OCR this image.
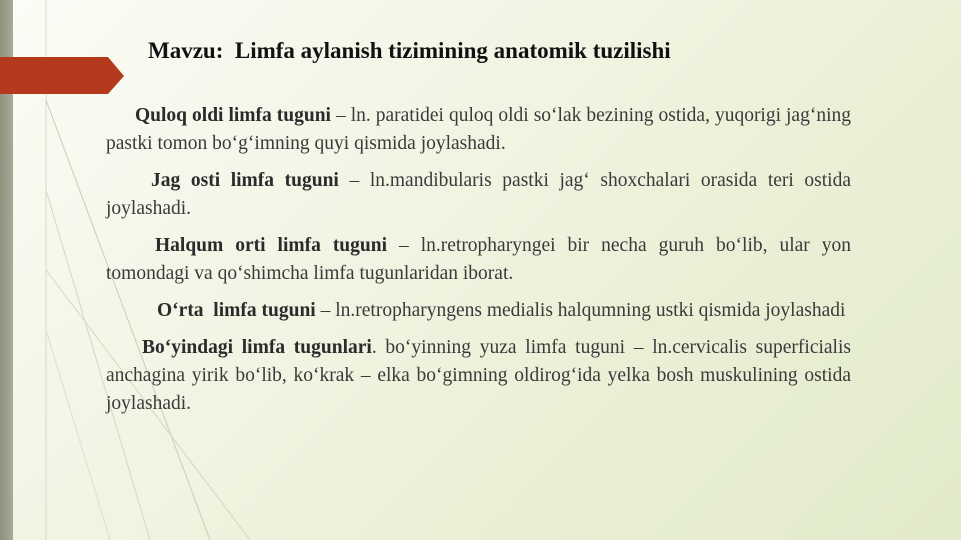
Mavzu:  Limfa aylanish tizimining anatomik tuzilishi

Quloq oldi limfa tuguni – ln. paratidei quloq oldi so‘lak bezining ostida, yuqorigi jag‘ning pastki tomon bo‘g‘imning quyi qismida joylashadi.

Jag osti limfa tuguni – ln.mandibularis pastki jag‘ shoxchalari orasida teri ostida joylashadi.

Halqum orti limfa tuguni – ln.retropharyngei bir necha guruh bo‘lib, ular yon tomondagi va qo‘shimcha limfa tugunlaridan iborat.

O‘rta  limfa tuguni – ln.retropharyngens medialis halqumning ustki qismida joylashadi

Bo‘yindagi limfa tugunlari. bo‘yinning yuza limfa tuguni – ln.cervicalis superficialis anchagina yirik bo‘lib, ko‘krak – elka bo‘gimning oldirog‘ida yelka bosh muskulining ostida joylashadi.
